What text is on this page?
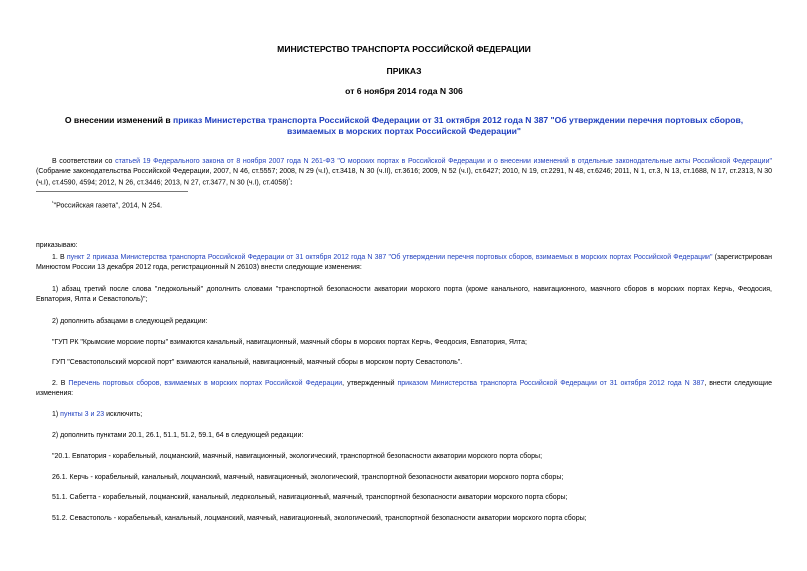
МИНИСТЕРСТВО ТРАНСПОРТА РОССИЙСКОЙ ФЕДЕРАЦИИ
ПРИКАЗ
от 6 ноября 2014 года N 306
О внесении изменений в приказ Министерства транспорта Российской Федерации от 31 октября 2012 года N 387 "Об утверждении перечня портовых сборов, взимаемых в морских портах Российской Федерации"
В соответствии со статьей 19 Федерального закона от 8 ноября 2007 года N 261-ФЗ "О морских портах в Российской Федерации и о внесении изменений в отдельные законодательные акты Российской Федерации" (Собрание законодательства Российской Федерации, 2007, N 46, ст.5557; 2008, N 29 (ч.I), ст.3418, N 30 (ч.II), ст.3616; 2009, N 52 (ч.I), ст.6427; 2010, N 19, ст.2291, N 48, ст.6246; 2011, N 1, ст.3, N 13, ст.1688, N 17, ст.2313, N 30 (ч.I), ст.4590, 4594; 2012, N 26, ст.3446; 2013, N 27, ст.3477, N 30 (ч.I), ст.4058)$^{^1}$:
$^{^1}$"Российская газета", 2014, N 254.
приказываю:
1. В пункт 2 приказа Министерства транспорта Российской Федерации от 31 октября 2012 года N 387 "Об утверждении перечня портовых сборов, взимаемых в морских портах Российской Федерации" (зарегистрирован Минюстом России 13 декабря 2012 года, регистрационный N 26103) внести следующие изменения:
1) абзац третий после слова "ледокольный" дополнить словами "транспортной безопасности акватории морского порта (кроме канального, навигационного, маячного сборов в морских портах Керчь, Феодосия, Евпатория, Ялта и Севастополь)";
2) дополнить абзацами в следующей редакции:
"ГУП РК "Крымские морские порты" взимаются канальный, навигационный, маячный сборы в морских портах Керчь, Феодосия, Евпатория, Ялта;
ГУП "Севастопольский морской порт" взимаются канальный, навигационный, маячный сборы в морском порту Севастополь".
2. В Перечень портовых сборов, взимаемых в морских портах Российской Федерации, утвержденный приказом Министерства транспорта Российской Федерации от 31 октября 2012 года N 387, внести следующие изменения:
1) пункты 3 и 23 исключить;
2) дополнить пунктами 20.1, 26.1, 51.1, 51.2, 59.1, 64 в следующей редакции:
"20.1. Евпатория - корабельный, лоцманский, маячный, навигационный, экологический, транспортной безопасности акватории морского порта сборы;
26.1. Керчь - корабельный, канальный, лоцманский, маячный, навигационный, экологический, транспортной безопасности акватории морского порта сборы;
51.1. Сабетта - корабельный, лоцманский, канальный, ледокольный, навигационный, маячный, транспортной безопасности акватории морского порта сборы;
51.2. Севастополь - корабельный, канальный, лоцманский, маячный, навигационный, экологический, транспортной безопасности акватории морского порта сборы;
